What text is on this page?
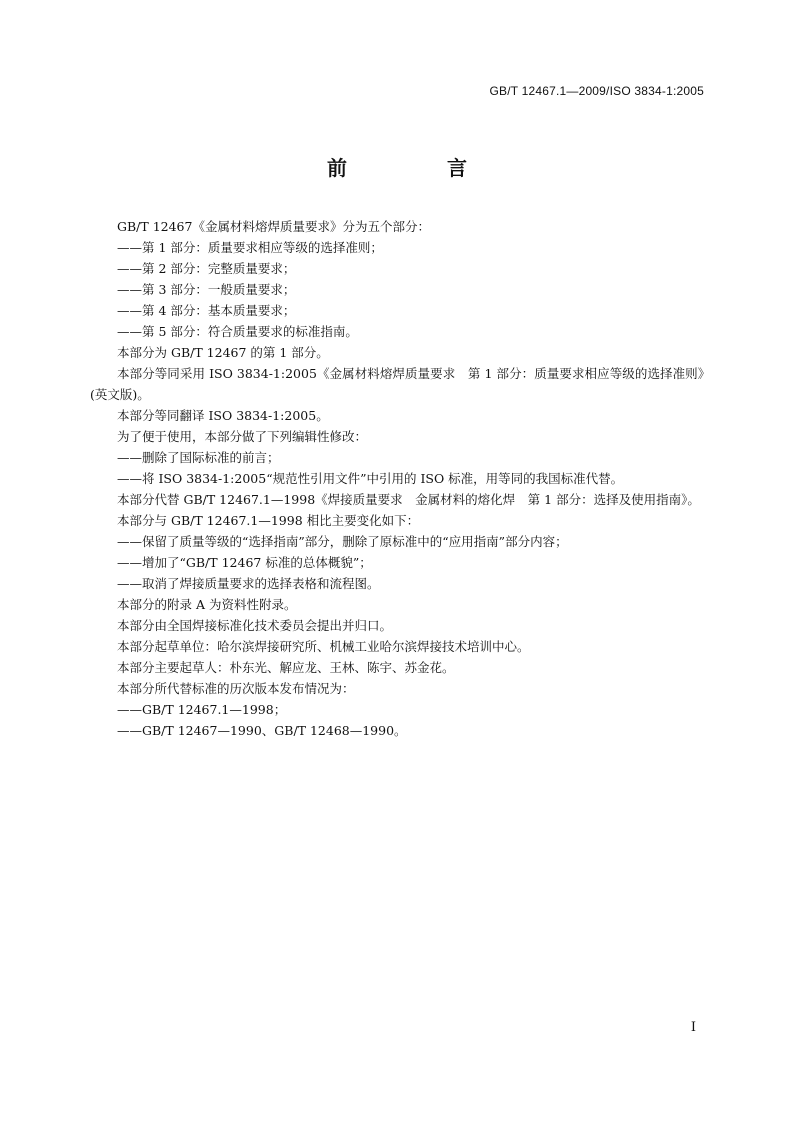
GB/T 12467.1—2009/ISO 3834-1:2005
前　言

GB/T 12467《金属材料熔焊质量要求》分为五个部分：

——第 1 部分：质量要求相应等级的选择准则；

——第 2 部分：完整质量要求；

——第 3 部分：一般质量要求；

——第 4 部分：基本质量要求；

——第 5 部分：符合质量要求的标准指南。

本部分为 GB/T 12467 的第 1 部分。

本部分等同采用 ISO 3834-1:2005《金属材料熔焊质量要求　第 1 部分：质量要求相应等级的选择准则》(英文版)。

本部分等同翻译 ISO 3834-1:2005。

为了便于使用，本部分做了下列编辑性修改：

——删除了国际标准的前言；

——将 ISO 3834-1:2005“规范性引用文件”中引用的 ISO 标准，用等同的我国标准代替。

本部分代替 GB/T 12467.1—1998《焊接质量要求　金属材料的熔化焊　第 1 部分：选择及使用指南》。

本部分与 GB/T 12467.1—1998 相比主要变化如下：

——保留了质量等级的“选择指南”部分，删除了原标准中的“应用指南”部分内容；

——增加了“GB/T 12467 标准的总体概貌”；

——取消了焊接质量要求的选择表格和流程图。

本部分的附录 A 为资料性附录。

本部分由全国焊接标准化技术委员会提出并归口。

本部分起草单位：哈尔滨焊接研究所、机械工业哈尔滨焊接技术培训中心。

本部分主要起草人：朴东光、解应龙、王林、陈宇、苏金花。

本部分所代替标准的历次版本发布情况为：

——GB/T 12467.1—1998；

——GB/T 12467—1990、GB/T 12468—1990。

I
